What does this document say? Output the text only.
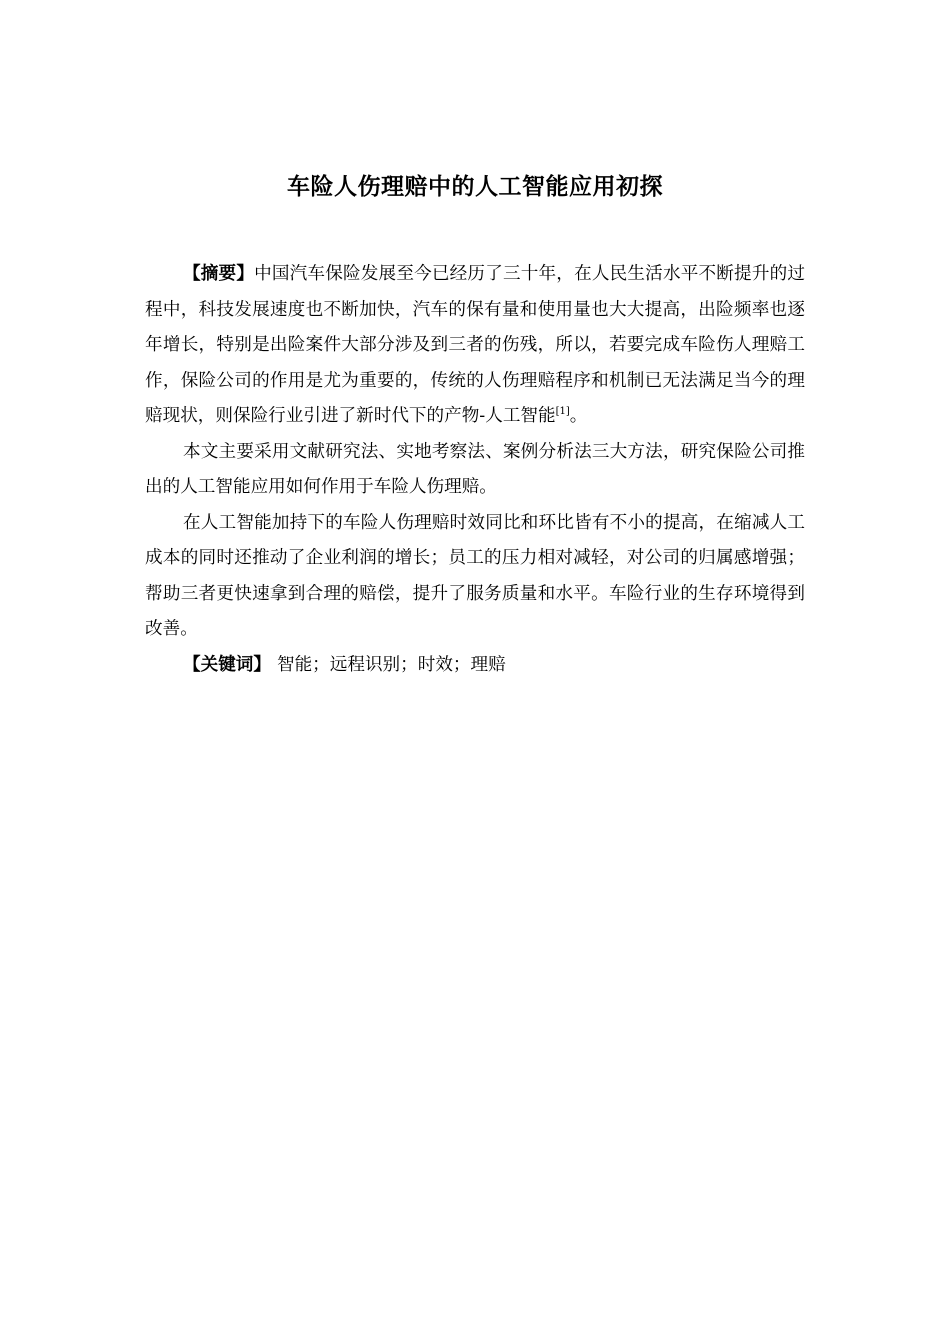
车险人伤理赔中的人工智能应用初探

【摘要】中国汽车保险发展至今已经历了三十年，在人民生活水平不断提升的过程中，科技发展速度也不断加快，汽车的保有量和使用量也大大提高，出险频率也逐年增长，特别是出险案件大部分涉及到三者的伤残，所以，若要完成车险伤人理赔工作，保险公司的作用是尤为重要的，传统的人伤理赔程序和机制已无法满足当今的理赔现状，则保险行业引进了新时代下的产物-人工智能[1]。

本文主要采用文献研究法、实地考察法、案例分析法三大方法，研究保险公司推出的人工智能应用如何作用于车险人伤理赔。

在人工智能加持下的车险人伤理赔时效同比和环比皆有不小的提高，在缩减人工成本的同时还推动了企业利润的增长；员工的压力相对减轻，对公司的归属感增强；帮助三者更快速拿到合理的赔偿，提升了服务质量和水平。车险行业的生存环境得到改善。

【关键词】 智能；远程识别；时效；理赔
